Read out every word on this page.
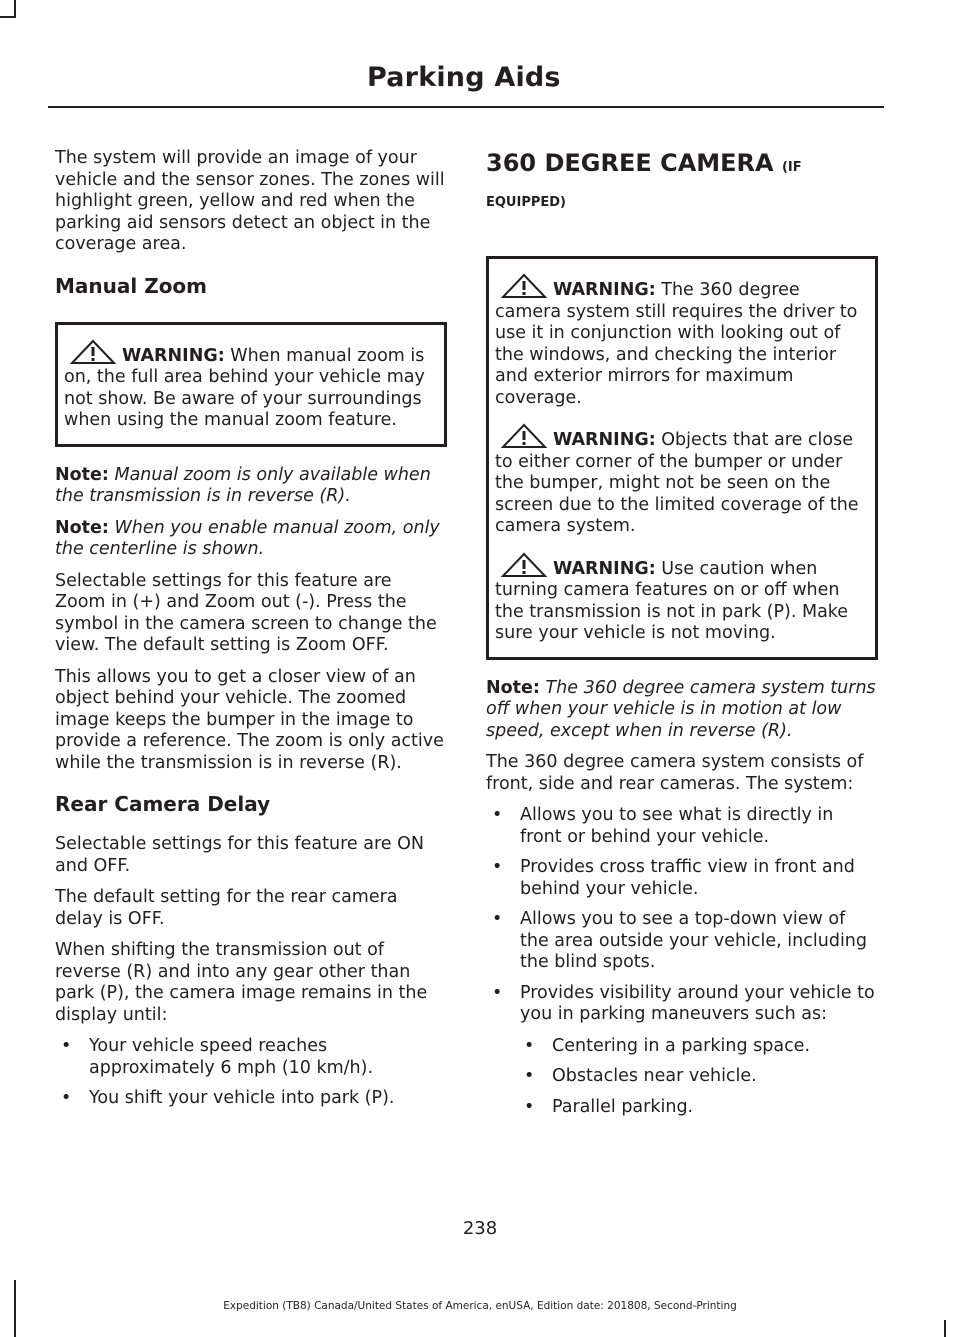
Parking Aids

The system will provide an image of your vehicle and the sensor zones. The zones will highlight green, yellow and red when the parking aid sensors detect an object in the coverage area.

Manual Zoom
WARNING: When manual zoom is on, the full area behind your vehicle may not show. Be aware of your surroundings when using the manual zoom feature.

Note: Manual zoom is only available when the transmission is in reverse (R).

Note: When you enable manual zoom, only the centerline is shown.

Selectable settings for this feature are Zoom in (+) and Zoom out (-). Press the symbol in the camera screen to change the view. The default setting is Zoom OFF.

This allows you to get a closer view of an object behind your vehicle. The zoomed image keeps the bumper in the image to provide a reference. The zoom is only active while the transmission is in reverse (R).

Rear Camera Delay

Selectable settings for this feature are ON and OFF.

The default setting for the rear camera delay is OFF.

When shifting the transmission out of reverse (R) and into any gear other than park (P), the camera image remains in the display until:

• Your vehicle speed reaches approximately 6 mph (10 km/h).
• You shift your vehicle into park (P).
360 DEGREE CAMERA (IF EQUIPPED)
WARNING: The 360 degree camera system still requires the driver to use it in conjunction with looking out of the windows, and checking the interior and exterior mirrors for maximum coverage.
WARNING: Objects that are close to either corner of the bumper or under the bumper, might not be seen on the screen due to the limited coverage of the camera system.
WARNING: Use caution when turning camera features on or off when the transmission is not in park (P). Make sure your vehicle is not moving.

Note: The 360 degree camera system turns off when your vehicle is in motion at low speed, except when in reverse (R).

The 360 degree camera system consists of front, side and rear cameras. The system:

• Allows you to see what is directly in front or behind your vehicle.
• Provides cross traffic view in front and behind your vehicle.
• Allows you to see a top-down view of the area outside your vehicle, including the blind spots.
• Provides visibility around your vehicle to you in parking maneuvers such as:
• Centering in a parking space.
• Obstacles near vehicle.
• Parallel parking.
238
Expedition (TB8) Canada/United States of America, enUSA, Edition date: 201808, Second-Printing
